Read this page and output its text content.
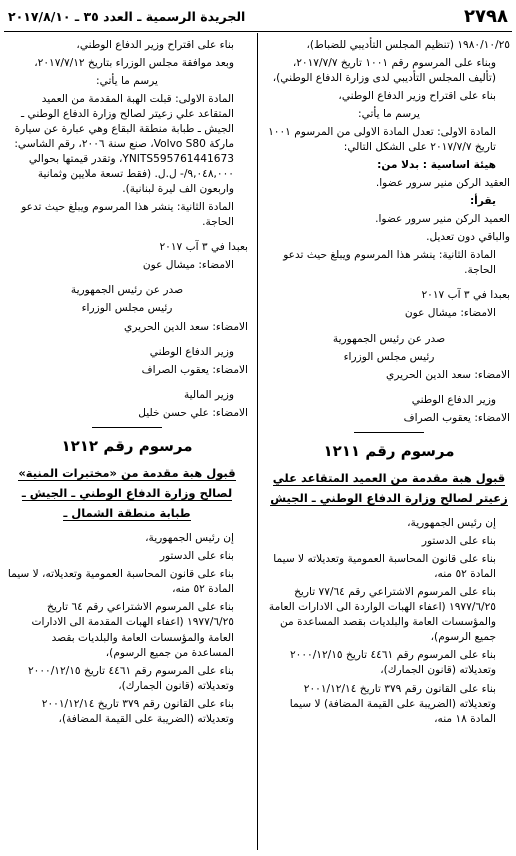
٢٧٩٨
الجريدة الرسمية ـ العدد ٣٥ ـ ٢٠١٧/٨/١٠

١٩٨٠/١٠/٢٥ (تنظيم المجلس التأديبي للضباط)،

وبناء على المرسوم رقم ١٠٠١ تاريخ ٢٠١٧/٧/٧، (تأليف المجلس التأديبي لدى وزارة الدفاع الوطني)،

بناء على اقتراح وزير الدفاع الوطني،

يرسم ما يأتي:

المادة الاولى: تعدل المادة الاولى من المرسوم ١٠٠١ تاريخ ٢٠١٧/٧/٧ على الشكل التالي:

هيئة اساسية : بدلا من:

العقيد الركن منير سرور عضوا.

يقرأ:

العميد الركن منير سرور عضوا.

والباقي دون تعديل.

المادة الثانية: ينشر هذا المرسوم ويبلغ حيث تدعو الحاجة.

بعبدا في ٣ آب ٢٠١٧

الامضاء: ميشال عون

صدر عن رئيس الجمهورية

رئيس مجلس الوزراء

الامضاء: سعد الدين الحريري

وزير الدفاع الوطني

الامضاء: يعقوب الصراف

مرسوم رقم ١٢١١
قبول هبة مقدمة من العميد المتقاعد علي زعيتر لصالح وزارة الدفاع الوطني ـ الجيش

إن رئيس الجمهورية،

بناء على الدستور

بناء على قانون المحاسبة العمومية وتعديلاته لا سيما المادة ٥٢ منه،

بناء على المرسوم الاشتراعي رقم ٧٧/٦٤ تاريخ ١٩٧٧/٦/٢٥ (اعفاء الهبات الواردة الى الادارات العامة والمؤسسات العامة والبلديات بقصد المساعدة من جميع الرسوم)،

بناء على المرسوم رقم ٤٤٦١ تاريخ ٢٠٠٠/١٢/١٥ وتعديلاته (قانون الجمارك)،

بناء على القانون رقم ٣٧٩ تاريخ ٢٠٠١/١٢/١٤ وتعديلاته (الضريبة على القيمة المضافة) لا سيما المادة ١٨ منه،

بناء على اقتراح وزير الدفاع الوطني،

وبعد موافقة مجلس الوزراء بتاريخ ٢٠١٧/٧/١٢،

يرسم ما يأتي:

المادة الاولى: قبلت الهبة المقدمة من العميد المتقاعد علي زعيتر لصالح وزارة الدفاع الوطني ـ الجيش ـ طبابة منطقة البقاع وهي عبارة عن سيارة ماركة Volvo S80، صنع سنة ٢٠٠٦، رقم الشاسي: YNITS595761441673، وتقدر قيمتها بحوالي ٩,٠٤٨,٠٠٠/- ل.ل. (فقط تسعة ملايين وثمانية واربعون الف ليرة لبنانية).

المادة الثانية: ينشر هذا المرسوم ويبلغ حيث تدعو الحاجة.

بعبدا في ٣ آب ٢٠١٧

الامضاء: ميشال عون

صدر عن رئيس الجمهورية

رئيس مجلس الوزراء

الامضاء: سعد الدين الحريري

وزير الدفاع الوطني

الامضاء: يعقوب الصراف

وزير المالية

الامضاء: علي حسن خليل

مرسوم رقم ١٢١٢
قبول هبة مقدمة من «مختبرات المنية» لصالح وزارة الدفاع الوطني ـ الجيش ـ طبابة منطقة الشمال ـ

إن رئيس الجمهورية،

بناء على الدستور

بناء على قانون المحاسبة العمومية وتعديلاته، لا سيما المادة ٥٢ منه،

بناء على المرسوم الاشتراعي رقم ٦٤ تاريخ ١٩٧٧/٦/٢٥ (اعفاء الهبات المقدمة الى الادارات العامة والمؤسسات العامة والبلديات بقصد المساعدة من جميع الرسوم)،

بناء على المرسوم رقم ٤٤٦١ تاريخ ٢٠٠٠/١٢/١٥ وتعديلاته (قانون الجمارك)،

بناء على القانون رقم ٣٧٩ تاريخ ٢٠٠١/١٢/١٤ وتعديلاته (الضريبة على القيمة المضافة)،
